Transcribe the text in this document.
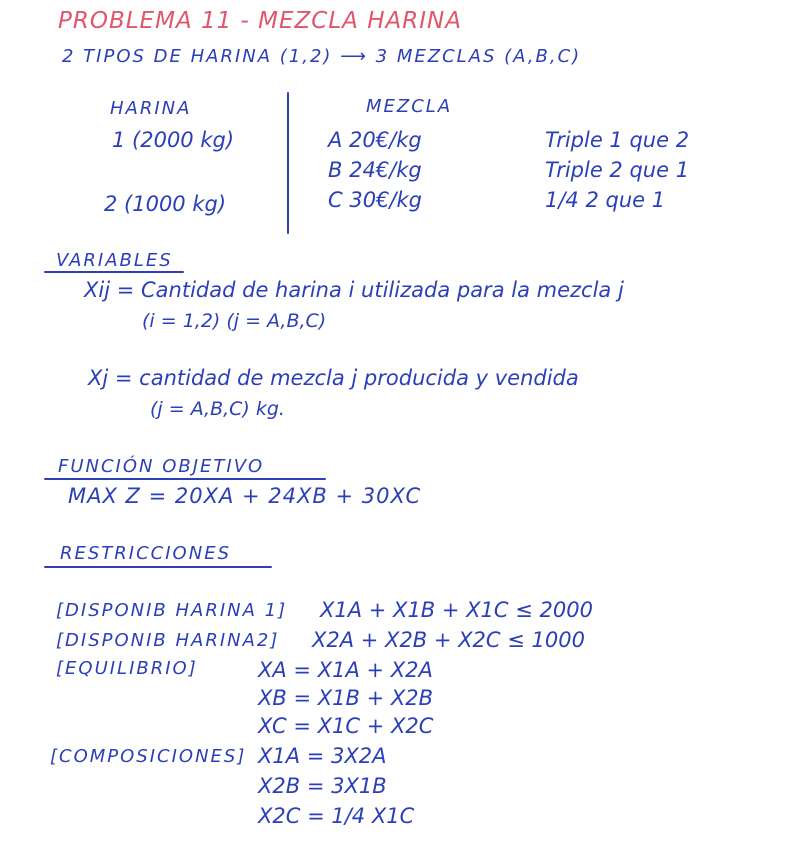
PROBLEMA 11 - MEZCLA HARINA
2 TIPOS DE HARINA (1,2) ⟶ 3 MEZCLAS (A,B,C)
HARINA
1 (2000 kg)
2 (1000 kg)
MEZCLA
A 20€/kg	Triple 1 que 2
B 24€/kg	Triple 2 que 1
C 30€/kg	1/4 2 que 1
VARIABLES
Xij = Cantidad de harina i utilizada para la mezcla j
(i = 1,2) (j = A,B,C)
Xj = cantidad de mezcla j producida y vendida
(j = A,B,C) kg.
FUNCIÓN OBJETIVO
MAX Z = 20XA + 24XB + 30XC
RESTRICCIONES
[DISPONIB HARINA 1] X1A + X1B + X1C ≤ 2000
[DISPONIB HARINA2] X2A + X2B + X2C ≤ 1000
[EQUILIBRIO]	XA = X1A + X2A
XB = X1B + X2B
XC = X1C + X2C
[COMPOSICIONES] X1A = 3X2A
X2B = 3X1B
X2C = 1/4 X1C
